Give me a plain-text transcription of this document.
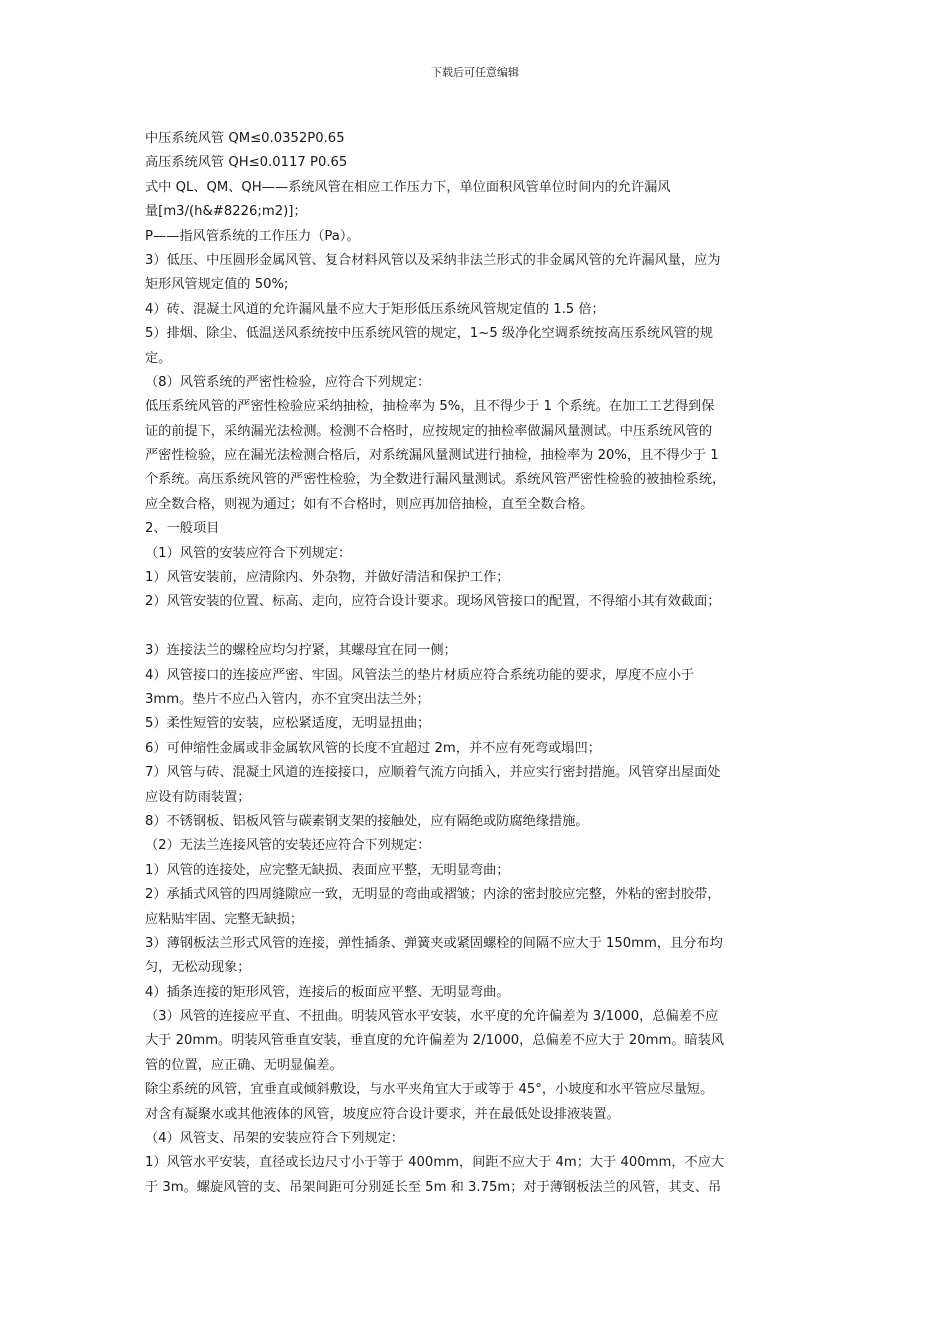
下载后可任意编辑
中压系统风管 QM≤0.0352P0.65
高压系统风管 QH≤0.0117 P0.65
式中 QL、QM、QH——系统风管在相应工作压力下，单位面积风管单位时间内的允许漏风
量[m3/(h&#8226;m2)]；
P——指风管系统的工作压力（Pa）。
3）低压、中压圆形金属风管、复合材料风管以及采纳非法兰形式的非金属风管的允许漏风量，应为
矩形风管规定值的 50%;
4）砖、混凝土风道的允许漏风量不应大于矩形低压系统风管规定值的 1.5 倍；
5）排烟、除尘、低温送风系统按中压系统风管的规定，1~5 级净化空调系统按高压系统风管的规
定。
（8）风管系统的严密性检验，应符合下列规定：
低压系统风管的严密性检验应采纳抽检，抽检率为 5%，且不得少于 1 个系统。在加工工艺得到保
证的前提下，采纳漏光法检测。检测不合格时，应按规定的抽检率做漏风量测试。中压系统风管的
严密性检验，应在漏光法检测合格后，对系统漏风量测试进行抽检，抽检率为 20%，且不得少于 1
个系统。高压系统风管的严密性检验，为全数进行漏风量测试。系统风管严密性检验的被抽检系统，
应全数合格，则视为通过；如有不合格时，则应再加倍抽检，直至全数合格。
2、一般项目
（1）风管的安装应符合下列规定：
1）风管安装前，应清除内、外杂物，并做好清洁和保护工作；
2）风管安装的位置、标高、走向，应符合设计要求。现场风管接口的配置，不得缩小其有效截面；
3）连接法兰的螺栓应均匀拧紧，其螺母宜在同一侧；
4）风管接口的连接应严密、牢固。风管法兰的垫片材质应符合系统功能的要求，厚度不应小于
3mm。垫片不应凸入管内，亦不宜突出法兰外；
5）柔性短管的安装，应松紧适度，无明显扭曲；
6）可伸缩性金属或非金属软风管的长度不宜超过 2m，并不应有死弯或塌凹；
7）风管与砖、混凝土风道的连接接口，应顺着气流方向插入，并应实行密封措施。风管穿出屋面处
应设有防雨装置；
8）不锈钢板、铝板风管与碳素钢支架的接触处，应有隔绝或防腐绝缘措施。
（2）无法兰连接风管的安装还应符合下列规定：
1）风管的连接处，应完整无缺损、表面应平整，无明显弯曲；
2）承插式风管的四周缝隙应一致，无明显的弯曲或褶皱；内涂的密封胶应完整，外粘的密封胶带，
应粘贴牢固、完整无缺损；
3）薄钢板法兰形式风管的连接，弹性插条、弹簧夹或紧固螺栓的间隔不应大于 150mm，且分布均
匀，无松动现象；
4）插条连接的矩形风管，连接后的板面应平整、无明显弯曲。
（3）风管的连接应平直、不扭曲。明装风管水平安装，水平度的允许偏差为 3/1000，总偏差不应
大于 20mm。明装风管垂直安装，垂直度的允许偏差为 2/1000，总偏差不应大于 20mm。暗装风
管的位置，应正确、无明显偏差。
除尘系统的风管，宜垂直或倾斜敷设，与水平夹角宜大于或等于 45°，小坡度和水平管应尽量短。
对含有凝聚水或其他液体的风管，坡度应符合设计要求，并在最低处设排液装置。
（4）风管支、吊架的安装应符合下列规定：
1）风管水平安装，直径或长边尺寸小于等于 400mm，间距不应大于 4m；大于 400mm，不应大
于 3m。螺旋风管的支、吊架间距可分别延长至 5m 和 3.75m；对于薄钢板法兰的风管，其支、吊
